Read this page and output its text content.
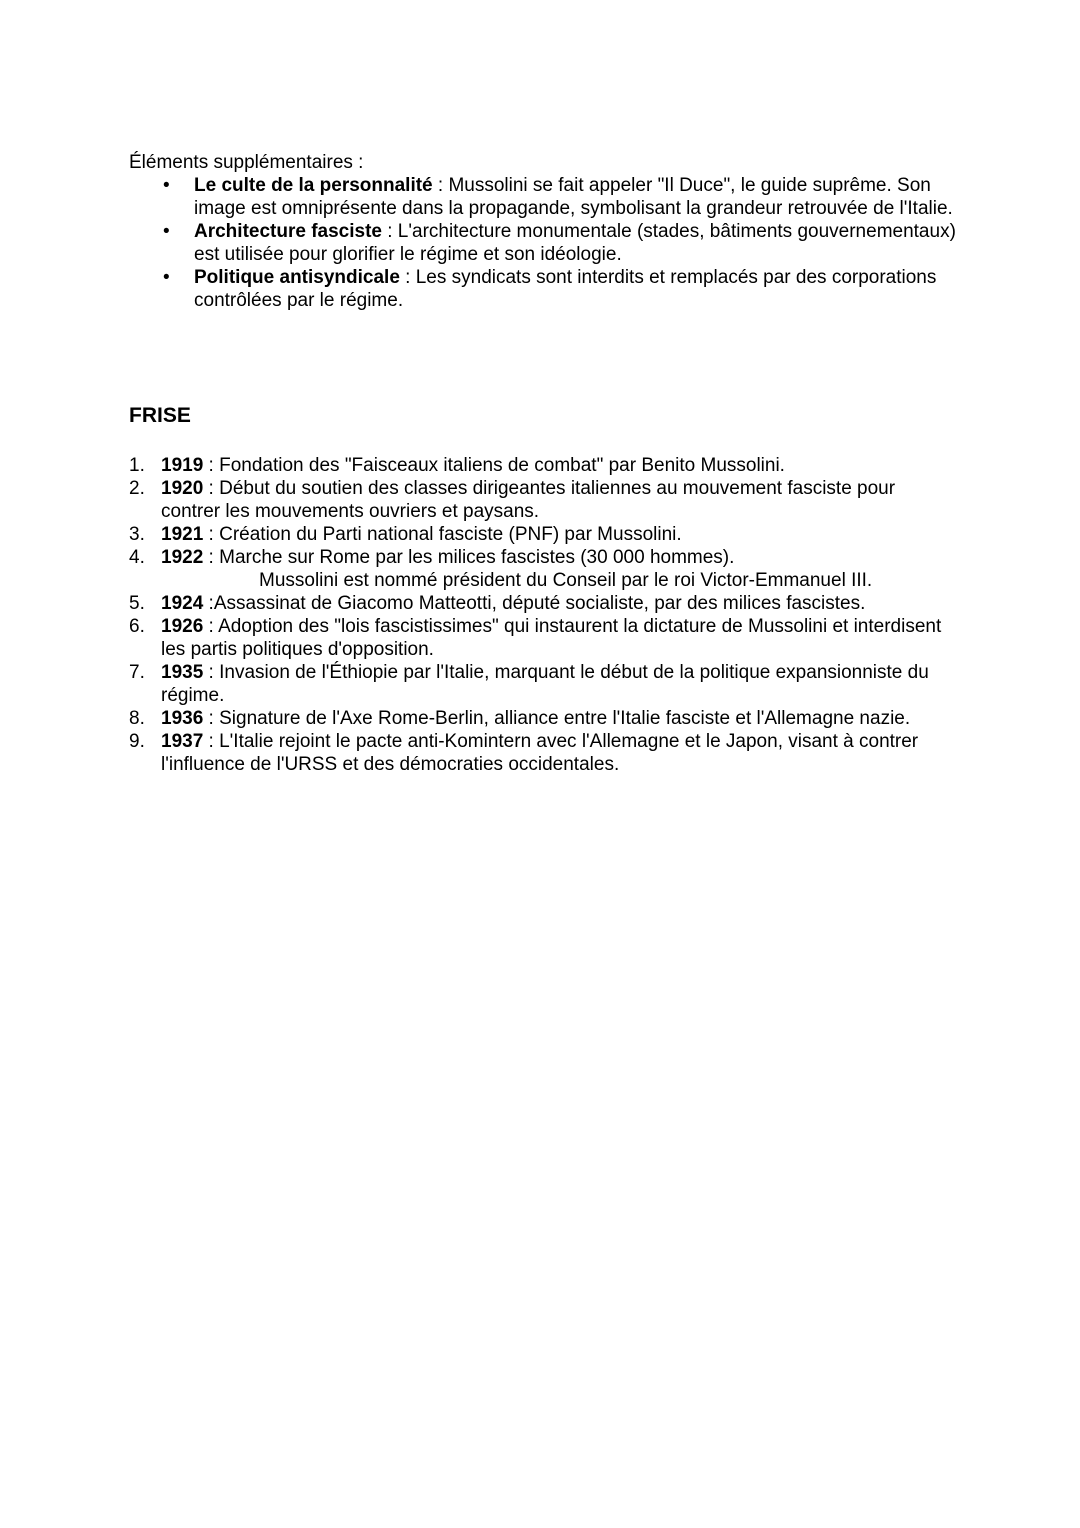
Éléments supplémentaires :

• Le culte de la personnalité : Mussolini se fait appeler "Il Duce", le guide suprême. Son image est omniprésente dans la propagande, symbolisant la grandeur retrouvée de l'Italie.
• Architecture fasciste : L'architecture monumentale (stades, bâtiments gouvernementaux) est utilisée pour glorifier le régime et son idéologie.
• Politique antisyndicale : Les syndicats sont interdits et remplacés par des corporations contrôlées par le régime.
FRISE
1. 1919 : Fondation des "Faisceaux italiens de combat" par Benito Mussolini.
2. 1920 : Début du soutien des classes dirigeantes italiennes au mouvement fasciste pour contrer les mouvements ouvriers et paysans.
3. 1921 : Création du Parti national fasciste (PNF) par Mussolini.
4. 1922 : Marche sur Rome par les milices fascistes (30 000 hommes).
Mussolini est nommé président du Conseil par le roi Victor-Emmanuel III.
5. 1924 :Assassinat de Giacomo Matteotti, député socialiste, par des milices fascistes.
6. 1926 : Adoption des "lois fascistissimes" qui instaurent la dictature de Mussolini et interdisent les partis politiques d'opposition.
7. 1935 : Invasion de l'Éthiopie par l'Italie, marquant le début de la politique expansionniste du régime.
8. 1936 : Signature de l'Axe Rome-Berlin, alliance entre l'Italie fasciste et l'Allemagne nazie.
9. 1937 : L'Italie rejoint le pacte anti-Komintern avec l'Allemagne et le Japon, visant à contrer l'influence de l'URSS et des démocraties occidentales.
